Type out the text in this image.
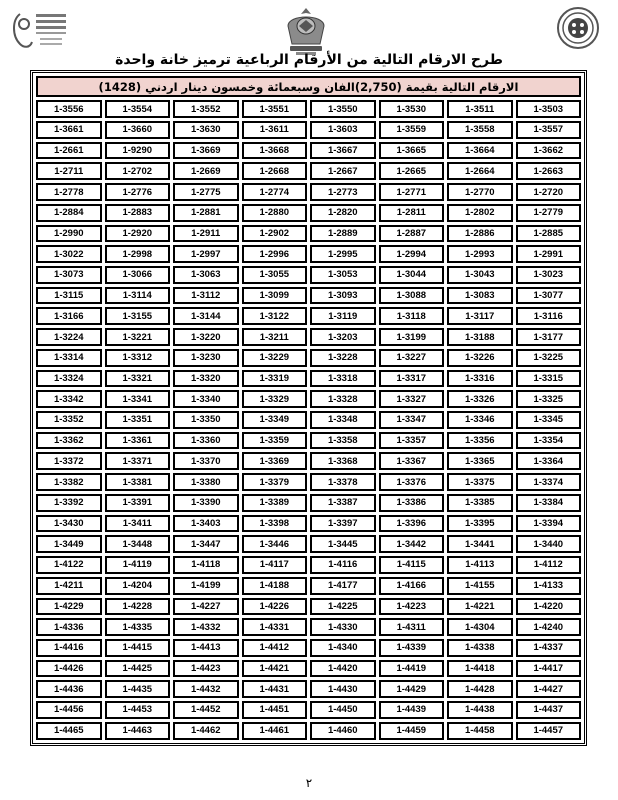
طرح الارقام التالية من الأرقام الرباعية ترميز خانة واحدة
الارقام التالية بقيمة (2,750)الفان وسبعمائة وخمسون دينار اردني (1428)							
1-3503	1-3511	1-3530	1-3550	1-3551	1-3552	1-3554	1-3556
1-3557	1-3558	1-3559	1-3603	1-3611	1-3630	1-3660	1-3661
1-3662	1-3664	1-3665	1-3667	1-3668	1-3669	1-9290	1-2661
1-2663	1-2664	1-2665	1-2667	1-2668	1-2669	1-2702	1-2711
1-2720	1-2770	1-2771	1-2773	1-2774	1-2775	1-2776	1-2778
1-2779	1-2802	1-2811	1-2820	1-2880	1-2881	1-2883	1-2884
1-2885	1-2886	1-2887	1-2889	1-2902	1-2911	1-2920	1-2990
1-2991	1-2993	1-2994	1-2995	1-2996	1-2997	1-2998	1-3022
1-3023	1-3043	1-3044	1-3053	1-3055	1-3063	1-3066	1-3073
1-3077	1-3083	1-3088	1-3093	1-3099	1-3112	1-3114	1-3115
1-3116	1-3117	1-3118	1-3119	1-3122	1-3144	1-3155	1-3166
1-3177	1-3188	1-3199	1-3203	1-3211	1-3220	1-3221	1-3224
1-3225	1-3226	1-3227	1-3228	1-3229	1-3230	1-3312	1-3314
1-3315	1-3316	1-3317	1-3318	1-3319	1-3320	1-3321	1-3324
1-3325	1-3326	1-3327	1-3328	1-3329	1-3340	1-3341	1-3342
1-3345	1-3346	1-3347	1-3348	1-3349	1-3350	1-3351	1-3352
1-3354	1-3356	1-3357	1-3358	1-3359	1-3360	1-3361	1-3362
1-3364	1-3365	1-3367	1-3368	1-3369	1-3370	1-3371	1-3372
1-3374	1-3375	1-3376	1-3378	1-3379	1-3380	1-3381	1-3382
1-3384	1-3385	1-3386	1-3387	1-3389	1-3390	1-3391	1-3392
1-3394	1-3395	1-3396	1-3397	1-3398	1-3403	1-3411	1-3430
1-3440	1-3441	1-3442	1-3445	1-3446	1-3447	1-3448	1-3449
1-4112	1-4113	1-4115	1-4116	1-4117	1-4118	1-4119	1-4122
1-4133	1-4155	1-4166	1-4177	1-4188	1-4199	1-4204	1-4211
1-4220	1-4221	1-4223	1-4225	1-4226	1-4227	1-4228	1-4229
1-4240	1-4304	1-4311	1-4330	1-4331	1-4332	1-4335	1-4336
1-4337	1-4338	1-4339	1-4340	1-4412	1-4413	1-4415	1-4416
1-4417	1-4418	1-4419	1-4420	1-4421	1-4423	1-4425	1-4426
1-4427	1-4428	1-4429	1-4430	1-4431	1-4432	1-4435	1-4436
1-4437	1-4438	1-4439	1-4450	1-4451	1-4452	1-4453	1-4456
1-4457	1-4458	1-4459	1-4460	1-4461	1-4462	1-4463	1-4465
٢
